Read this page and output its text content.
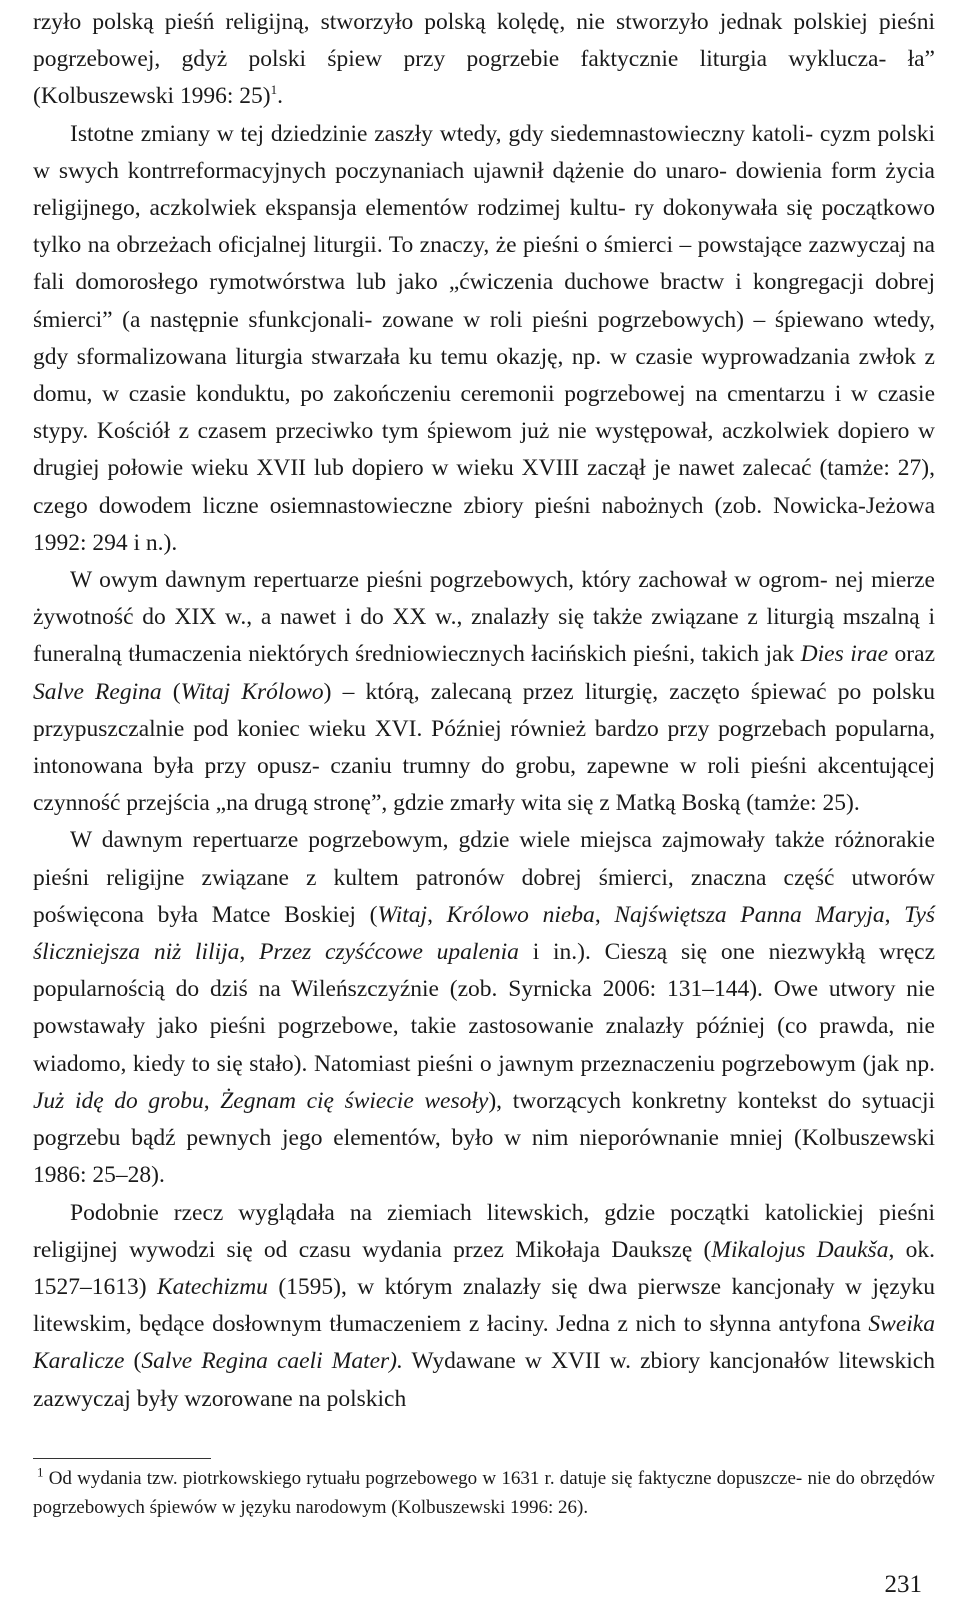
rzyło polską pieśń religijną, stworzyło polską kolędę, nie stworzyło jednak polskiej pieśni pogrzebowej, gdyż polski śpiew przy pogrzebie faktycznie liturgia wyklucza- ła” (Kolbuszewski 1996: 25)$^1$.

Istotne zmiany w tej dziedzinie zaszły wtedy, gdy siedemnastowieczny katoli- cyzm polski w swych kontrreformacyjnych poczynaniach ujawnił dążenie do unaro- dowienia form życia religijnego, aczkolwiek ekspansja elementów rodzimej kultu- ry dokonywała się początkowo tylko na obrzeżach oficjalnej liturgii. To znaczy, że pieśni o śmierci – powstające zazwyczaj na fali domorosłego rymotwórstwa lub jako „ćwiczenia duchowe bractw i kongregacji dobrej śmierci” (a następnie sfunkcjonali- zowane w roli pieśni pogrzebowych) – śpiewano wtedy, gdy sformalizowana liturgia stwarzała ku temu okazję, np. w czasie wyprowadzania zwłok z domu, w czasie konduktu, po zakończeniu ceremonii pogrzebowej na cmentarzu i w czasie stypy. Kościół z czasem przeciwko tym śpiewom już nie występował, aczkolwiek dopiero w drugiej połowie wieku XVII lub dopiero w wieku XVIII zaczął je nawet zalecać (tamże: 27), czego dowodem liczne osiemnastowieczne zbiory pieśni nabożnych (zob. Nowicka-Jeżowa 1992: 294 i n.).

W owym dawnym repertuarze pieśni pogrzebowych, który zachował w ogrom- nej mierze żywotność do XIX w., a nawet i do XX w., znalazły się także związane z liturgią mszalną i funeralną tłumaczenia niektórych średniowiecznych łacińskich pieśni, takich jak Dies irae oraz Salve Regina (Witaj Królowo) – którą, zalecaną przez liturgię, zaczęto śpiewać po polsku przypuszczalnie pod koniec wieku XVI. Później również bardzo przy pogrzebach popularna, intonowana była przy opusz- czaniu trumny do grobu, zapewne w roli pieśni akcentującej czynność przejścia „na drugą stronę”, gdzie zmarły wita się z Matką Boską (tamże: 25).

W dawnym repertuarze pogrzebowym, gdzie wiele miejsca zajmowały także różnorakie pieśni religijne związane z kultem patronów dobrej śmierci, znaczna część utworów poświęcona była Matce Boskiej (Witaj, Królowo nieba, Najświętsza Panna Maryja, Tyś śliczniejsza niż lilija, Przez czyśćcowe upalenia i in.). Cieszą się one niezwykłą wręcz popularnością do dziś na Wileńszczyźnie (zob. Syrnicka 2006: 131–144). Owe utwory nie powstawały jako pieśni pogrzebowe, takie zastosowanie znalazły później (co prawda, nie wiadomo, kiedy to się stało). Natomiast pieśni o jawnym przeznaczeniu pogrzebowym (jak np. Już idę do grobu, Żegnam cię świecie wesoły), tworzących konkretny kontekst do sytuacji pogrzebu bądź pewnych jego elementów, było w nim nieporównanie mniej (Kolbuszewski 1986: 25–28).

Podobnie rzecz wyglądała na ziemiach litewskich, gdzie początki katolickiej pieśni religijnej wywodzi się od czasu wydania przez Mikołaja Daukszę (Mikalojus Daukša, ok. 1527–1613) Katechizmu (1595), w którym znalazły się dwa pierwsze kancjonały w języku litewskim, będące dosłownym tłumaczeniem z łaciny. Jedna z nich to słynna antyfona Sweika Karalicze (Salve Regina caeli Mater). Wydawane w XVII w. zbiory kancjonałów litewskich zazwyczaj były wzorowane na polskich

$^1$ Od wydania tzw. piotrkowskiego rytuału pogrzebowego w 1631 r. datuje się faktyczne dopuszcze- nie do obrzędów pogrzebowych śpiewów w języku narodowym (Kolbuszewski 1996: 26).

231
